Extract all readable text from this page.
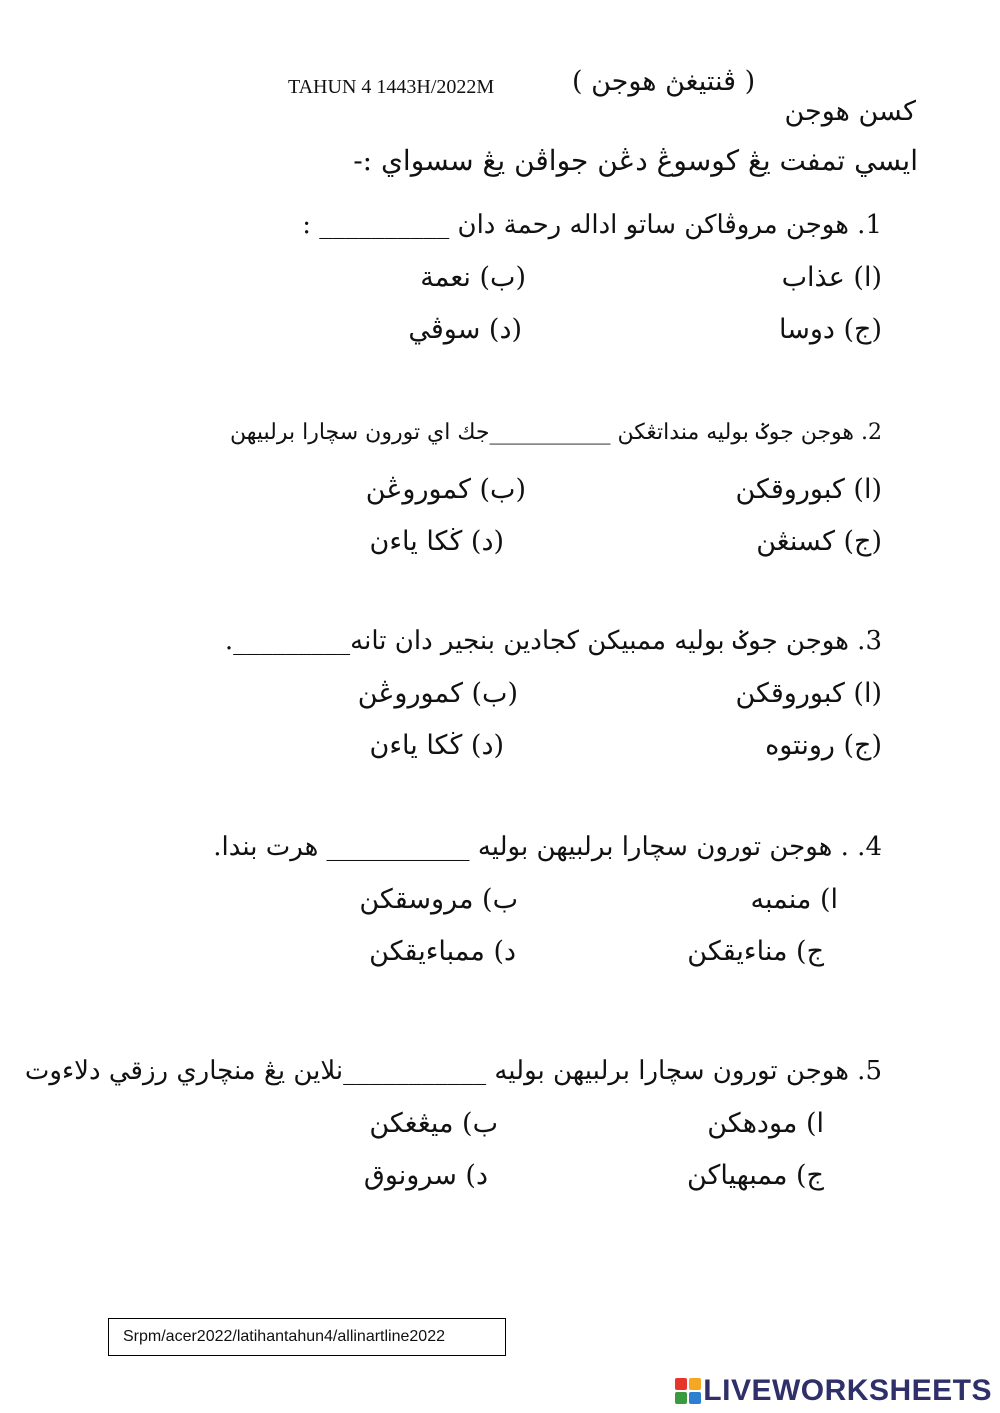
TAHUN 4 1443H/2022M	( ڤنتيغڽ هوجن )
كسن هوجن
ايسي تمفت يڠ كوسوڠ دڠن جواڤن يڠ سسواي :-
1. هوجن مروڤاكن ساتو اداله رحمة دان __________ :
(ا) عذاب
(ب) نعمة
(ج) دوسا
(د) سوڤي
2. هوجن جوݢ بوليه منداتڠكن ___________جك اي تورون سچارا برلبيهن
(ا) كبوروقكن
(ب) كموروڠن
(ج) كسنڠن
(د) ڬكا ياءن
3. هوجن جوݢ بوليه ممبيكن كجادين بنجير دان تانه_________.
(ا) كبوروقكن
(ب) كموروڠن
(ج) رونتوه
(د) ڬكا ياءن
4. . هوجن تورون سچارا برلبيهن بوليه ___________ هرت بندا.
ا) منمبه
ب) مروسقكن
ج) مناءيقكن
د) ممباءيقكن
5. هوجن تورون سچارا برلبيهن بوليه ___________نلاين يڠ منچاري رزقي دلاءوت
ا) مودهكن
ب) ميڠغكن
ج) ممبهياكن
د) سرونوق
Srpm/acer2022/latihantahun4/allinartline2022
LIVEWORKSHEETS
